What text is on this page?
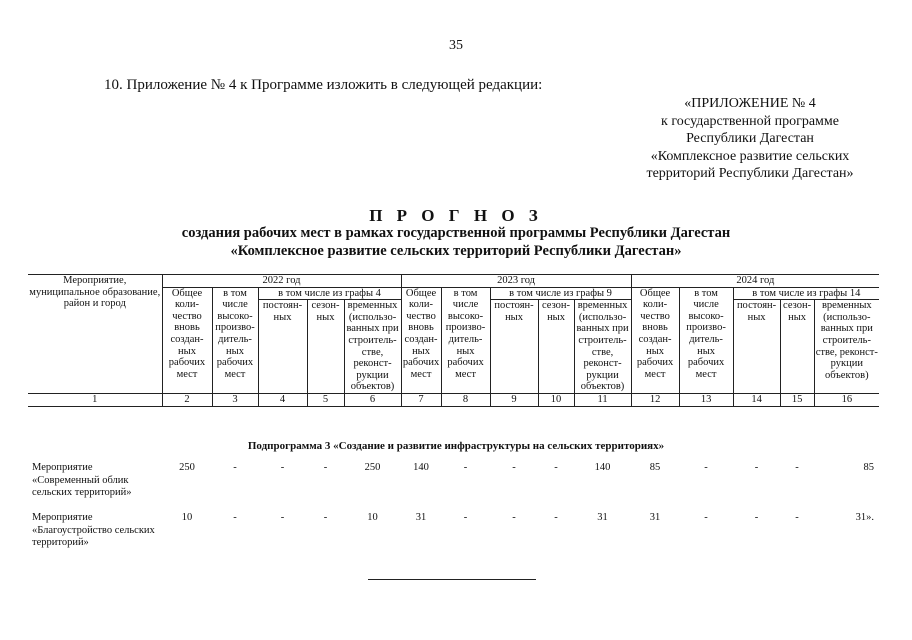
35
10. Приложение № 4 к Программе изложить в следующей редакции:
«ПРИЛОЖЕНИЕ № 4
к государственной программе
Республики Дагестан
«Комплексное развитие сельских
территорий Республики Дагестан»
П Р О Г Н О З
создания рабочих мест в рамках государственной программы Республики Дагестан
«Комплексное развитие сельских территорий Республики Дагестан»
Мероприятие, муниципальное образование, район и город	2022 год					2023 год					2024 год				
	Общее коли-чество вновь создан-ных рабочих мест	в том числе высоко-произво-дитель-ных рабочих мест	в том числе из графы 4			Общее коли-чество вновь создан-ных рабочих мест	в том числе высоко-произво-дитель-ных рабочих мест	в том числе из графы 9			Общее коли-чество вновь создан-ных рабочих мест	в том числе высоко-произво-дитель-ных рабочих мест	в том числе из графы 14		
			постоян-ных	сезон-ных	временных (использо-ванных при строитель-стве, реконст-рукции объектов)			постоян-ных	сезон-ных	временных (использо-ванных при строитель-стве, реконст-рукции объектов)			постоян-ных	сезон-ных	временных (использо-ванных при строитель-стве, реконст-рукции объектов)
1	2	3	4	5	6	7	8	9	10	11	12	13	14	15	16
Подпрограмма 3 «Создание и развитие инфраструктуры на сельских территориях»
Мероприятие «Современный облик сельских территорий»	250	-	-	-	250	140	-	-	-	140	85	-	-	-	85
Мероприятие «Благоустройство сельских территорий»	10	-	-	-	10	31	-	-	-	31	31	-	-	-	31».
